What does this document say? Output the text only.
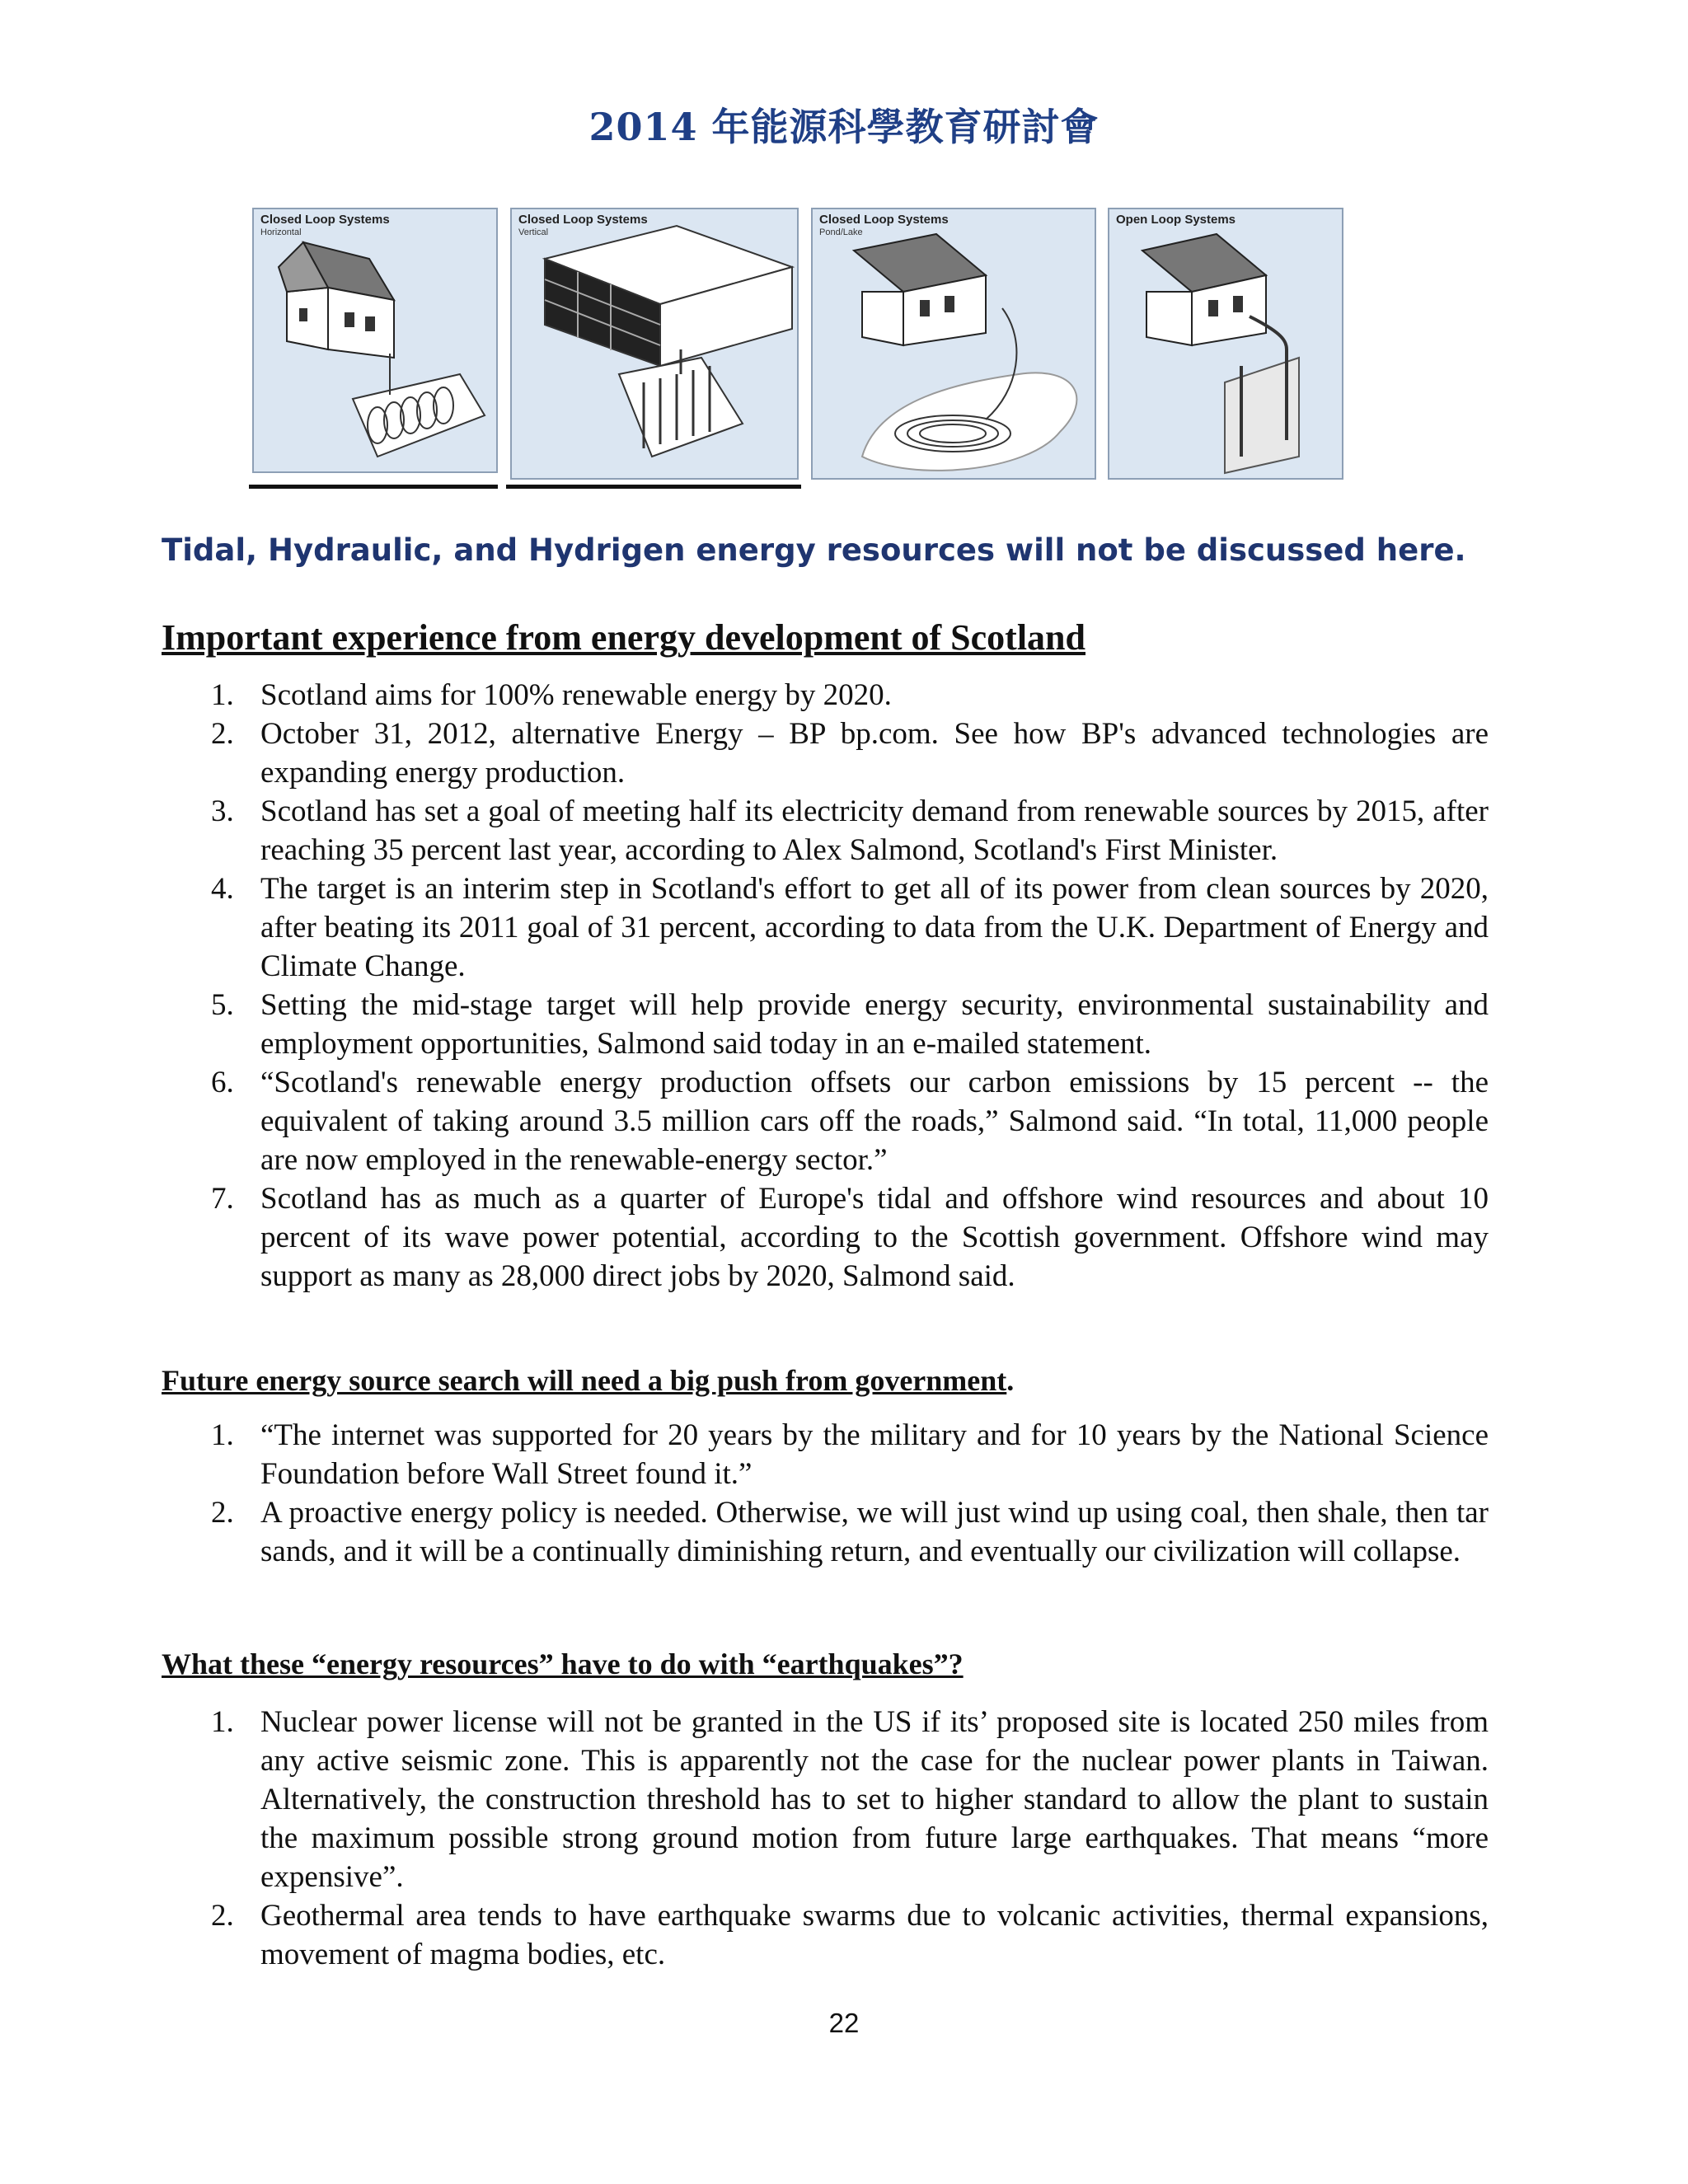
2014 年能源科學教育研討會
Closed Loop Systems
Horizontal
Closed Loop Systems
Vertical
Closed Loop Systems
Pond/Lake
Open Loop Systems
Tidal, Hydraulic, and Hydrigen energy resources will not be discussed here.
Important experience from energy development of Scotland
1. Scotland aims for 100% renewable energy by 2020.
2. October 31, 2012, alternative Energy – BP bp.com. See how BP's advanced technologies are expanding energy production.
3. Scotland has set a goal of meeting half its electricity demand from renewable sources by 2015, after reaching 35 percent last year, according to Alex Salmond, Scotland's First Minister.
4. The target is an interim step in Scotland's effort to get all of its power from clean sources by 2020, after beating its 2011 goal of 31 percent, according to data from the U.K. Department of Energy and Climate Change.
5. Setting the mid-stage target will help provide energy security, environmental sustainability and employment opportunities, Salmond said today in an e-mailed statement.
6. “Scotland's renewable energy production offsets our carbon emissions by 15 percent -- the equivalent of taking around 3.5 million cars off the roads,” Salmond said. “In total, 11,000 people are now employed in the renewable-energy sector.”
7. Scotland has as much as a quarter of Europe's tidal and offshore wind resources and about 10 percent of its wave power potential, according to the Scottish government. Offshore wind may support as many as 28,000 direct jobs by 2020, Salmond said.
Future energy source search will need a big push from government.
1. “The internet was supported for 20 years by the military and for 10 years by the National Science Foundation before Wall Street found it.”
2. A proactive energy policy is needed. Otherwise, we will just wind up using coal, then shale, then tar sands, and it will be a continually diminishing return, and eventually our civilization will collapse.
What these “energy resources” have to do with “earthquakes”?
1. Nuclear power license will not be granted in the US if its’ proposed site is located 250 miles from any active seismic zone. This is apparently not the case for the nuclear power plants in Taiwan. Alternatively, the construction threshold has to set to higher standard to allow the plant to sustain the maximum possible strong ground motion from future large earthquakes. That means “more expensive”.
2. Geothermal area tends to have earthquake swarms due to volcanic activities, thermal expansions, movement of magma bodies, etc.
22
